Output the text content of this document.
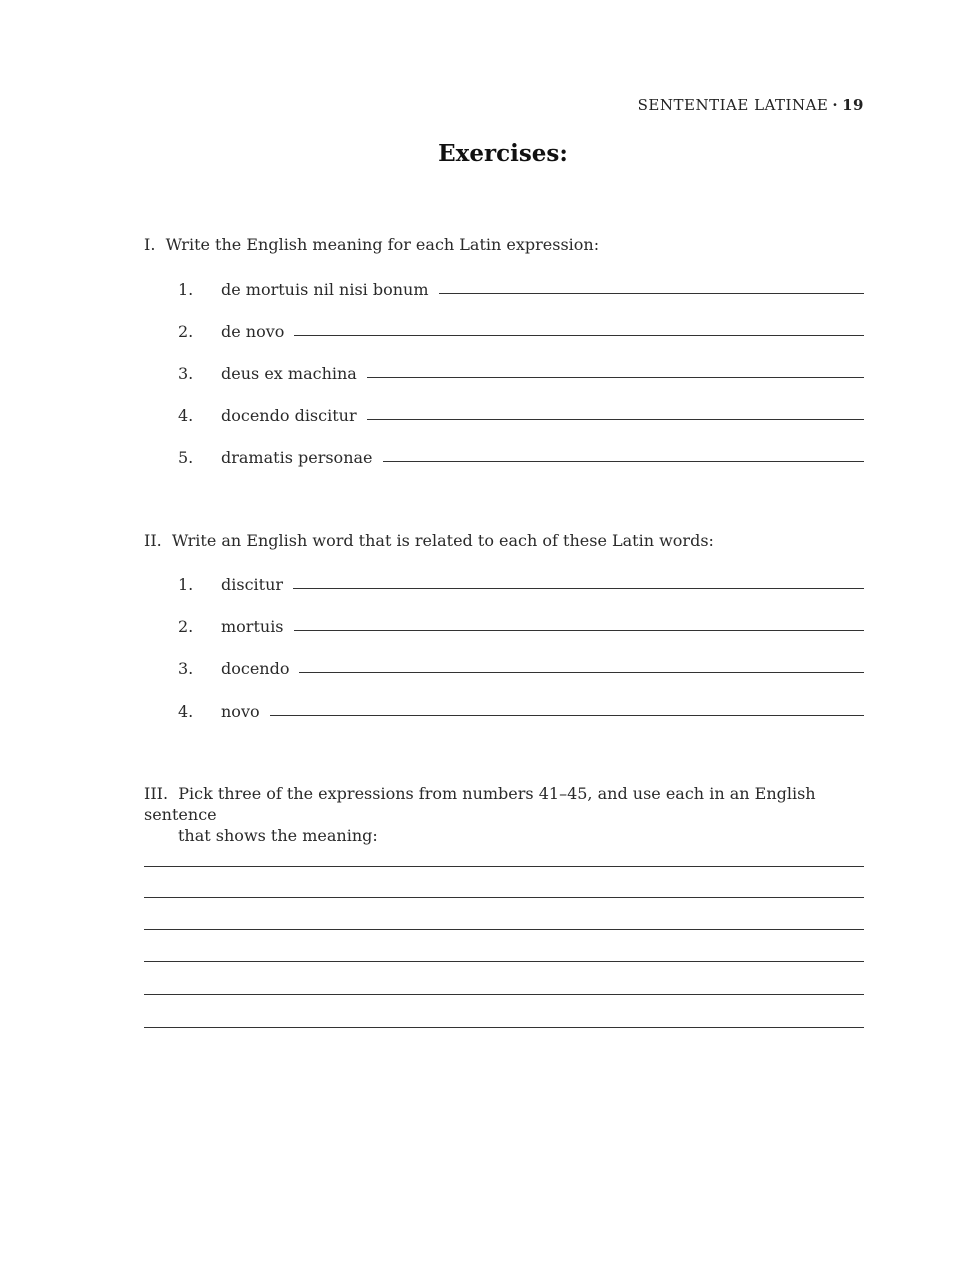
SENTENTIAE LATINAE · 19
Exercises:
I. Write the English meaning for each Latin expression:
1.	de mortuis nil nisi bonum
2.	de novo
3.	deus ex machina
4.	docendo discitur
5.	dramatis personae
II. Write an English word that is related to each of these Latin words:
1.	discitur
2.	mortuis
3.	docendo
4.	novo
III. Pick three of the expressions from numbers 41–45, and use each in an English sentence
that shows the meaning:
